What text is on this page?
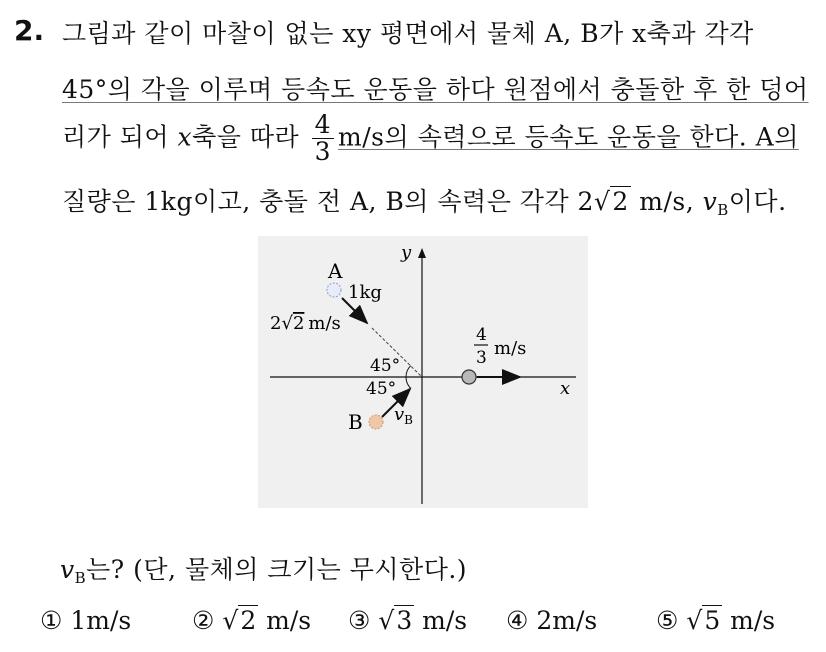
2. 그림과 같이 마찰이 없는 xy 평면에서 물체 A, B가 x축과 각각
45°의 각을 이루며 등속도 운동을 하다 원점에서 충돌한 후 한 덩어
리가 되어 x축을 따라 $\frac{4}{3} m/s$의 속력으로 등속도 운동을 한다. A의
질량은 1kg이고, 충돌 전 A, B의 속력은 각각 2√2 m/s, $v_B$이다.
y
x
A
1kg
2√2 m/s
45°
45°
B $v_B$
4
3 m/s
$v_B$는? (단, 물체의 크기는 무시한다.)
① 1m/s ② √2 m/s ③ √3 m/s ④ 2m/s ⑤ √5 m/s
